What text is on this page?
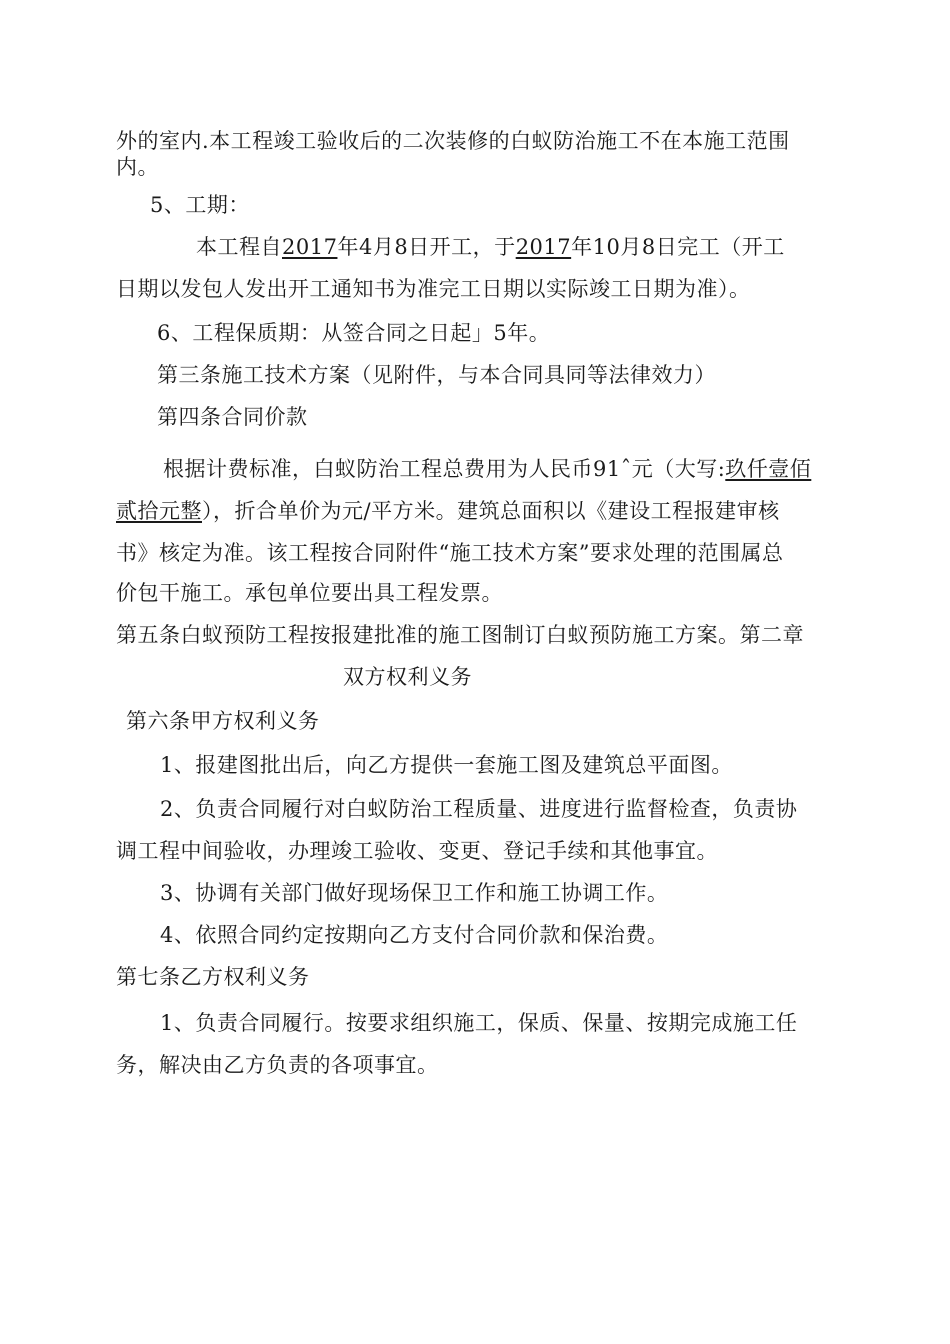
外的室内.本工程竣工验收后的二次装修的白蚁防治施工不在本施工范围
内。
5、工期：
本工程自2017年4月8日开工，于2017年10月8日完工（开工
日期以发包人发出开工通知书为准完工日期以实际竣工日期为准）。
6、工程保质期：从签合同之日起」5年。
第三条施工技术方案（见附件，与本合同具同等法律效力）
第四条合同价款
根据计费标准，白蚁防治工程总费用为人民币91ˆ元（大写:玖仟壹佰
贰拾元整），折合单价为元/平方米。建筑总面积以《建设工程报建审核
书》核定为准。该工程按合同附件“施工技术方案”要求处理的范围属总
价包干施工。承包单位要出具工程发票。
第五条白蚁预防工程按报建批准的施工图制订白蚁预防施工方案。第二章
双方权利义务
第六条甲方权利义务
1、报建图批出后，向乙方提供一套施工图及建筑总平面图。
2、负责合同履行对白蚁防治工程质量、进度进行监督检查，负责协
调工程中间验收，办理竣工验收、变更、登记手续和其他事宜。
3、协调有关部门做好现场保卫工作和施工协调工作。
4、依照合同约定按期向乙方支付合同价款和保治费。
第七条乙方权利义务
1、负责合同履行。按要求组织施工，保质、保量、按期完成施工任
务，解决由乙方负责的各项事宜。
